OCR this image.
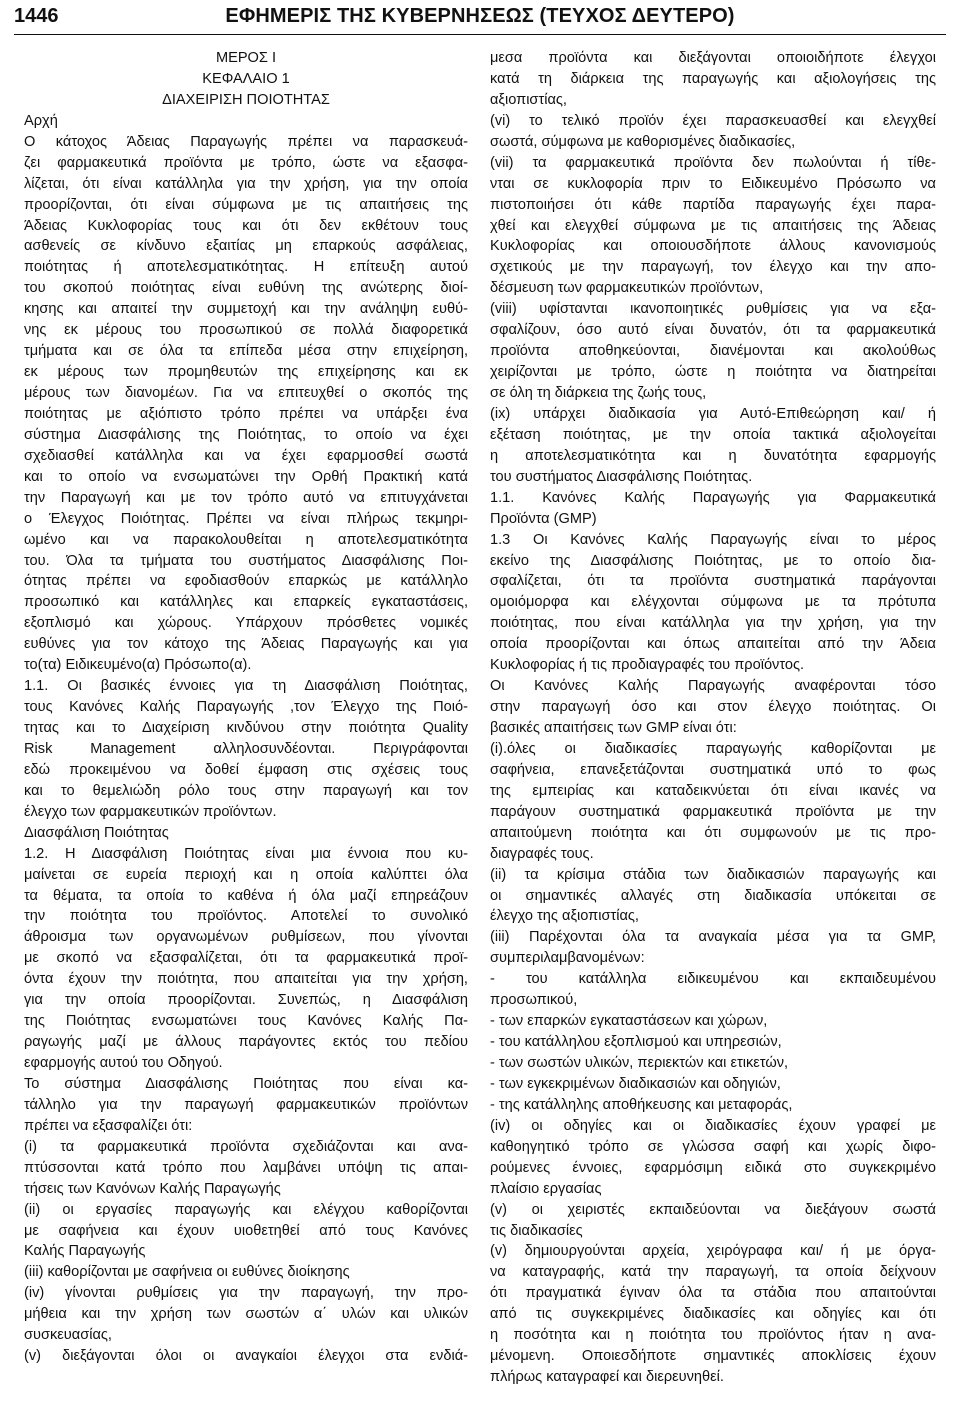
1446	ΕΦΗΜΕΡΙΣ ΤΗΣ ΚΥΒΕΡΝΗΣΕΩΣ (ΤΕΥΧΟΣ ΔΕΥΤΕΡΟ)
ΜΕΡΟΣ Ι
ΚΕΦΑΛΑΙΟ 1
ΔΙΑΧΕΙΡΙΣΗ ΠΟΙΟΤΗΤΑΣ
Αρχή
Ο κάτοχος Άδειας Παραγωγής πρέπει να παρασκευά-
ζει φαρμακευτικά προϊόντα με τρόπο, ώστε να εξασφα-
λίζεται, ότι είναι κατάλληλα για την χρήση, για την οποία
προορίζονται, ότι είναι σύμφωνα με τις απαιτήσεις της
Άδειας Κυκλοφορίας τους και ότι δεν εκθέτουν τους
ασθενείς σε κίνδυνο εξαιτίας μη επαρκούς ασφάλειας,
ποιότητας ή αποτελεσματικότητας. Η επίτευξη αυτού
του σκοπού ποιότητας είναι ευθύνη της ανώτερης διοί-
κησης και απαιτεί την συμμετοχή και την ανάληψη ευθύ-
νης εκ μέρους του προσωπικού σε πολλά διαφορετικά
τμήματα και σε όλα τα επίπεδα μέσα στην επιχείρηση,
εκ μέρους των προμηθευτών της επιχείρησης και εκ
μέρους των διανομέων. Για να επιτευχθεί ο σκοπός της
ποιότητας με αξιόπιστο τρόπο πρέπει να υπάρξει ένα
σύστημα Διασφάλισης της Ποιότητας, το οποίο να έχει
σχεδιασθεί κατάλληλα και να έχει εφαρμοσθεί σωστά
και το οποίο να ενσωματώνει την Ορθή Πρακτική κατά
την Παραγωγή και με τον τρόπο αυτό να επιτυγχάνεται
ο Έλεγχος Ποιότητας. Πρέπει να είναι πλήρως τεκμηρι-
ωμένο και να παρακολουθείται η αποτελεσματικότητα
του. Όλα τα τμήματα του συστήματος Διασφάλισης Ποι-
ότητας πρέπει να εφοδιασθούν επαρκώς με κατάλληλο
προσωπικό και κατάλληλες και επαρκείς εγκαταστάσεις,
εξοπλισμό και χώρους. Υπάρχουν πρόσθετες νομικές
ευθύνες για τον κάτοχο της Άδειας Παραγωγής και για
το(τα) Ειδικευμένο(α) Πρόσωπο(α).
1.1. Οι βασικές έννοιες για τη Διασφάλιση Ποιότητας,
τους Κανόνες Καλής Παραγωγής ,τον Έλεγχο της Ποιό-
τητας και το Διαχείριση κινδύνου στην ποιότητα Quality
Risk Management αλληλοσυνδέονται. Περιγράφονται
εδώ προκειμένου να δοθεί έμφαση στις σχέσεις τους
και το θεμελιώδη ρόλο τους στην παραγωγή και τον
έλεγχο των φαρμακευτικών προϊόντων.
Διασφάλιση Ποιότητας
1.2. Η Διασφάλιση Ποιότητας είναι μια έννοια που κυ-
μαίνεται σε ευρεία περιοχή και η οποία καλύπτει όλα
τα θέματα, τα οποία το καθένα ή όλα μαζί επηρεάζουν
την ποιότητα του προϊόντος. Αποτελεί το συνολικό
άθροισμα των οργανωμένων ρυθμίσεων, που γίνονται
με σκοπό να εξασφαλίζεται, ότι τα φαρμακευτικά προϊ-
όντα έχουν την ποιότητα, που απαιτείται για την χρήση,
για την οποία προορίζονται. Συνεπώς, η Διασφάλιση
της Ποιότητας ενσωματώνει τους Κανόνες Καλής Πα-
ραγωγής μαζί με άλλους παράγοντες εκτός του πεδίου
εφαρμογής αυτού του Οδηγού.
Το σύστημα Διασφάλισης Ποιότητας που είναι κα-
τάλληλο για την παραγωγή φαρμακευτικών προϊόντων
πρέπει να εξασφαλίζει ότι:
(i) τα φαρμακευτικά προϊόντα σχεδιάζονται και ανα-
πτύσσονται κατά τρόπο που λαμβάνει υπόψη τις απαι-
τήσεις των Κανόνων Καλής Παραγωγής
(ii) οι εργασίες παραγωγής και ελέγχου καθορίζονται
με σαφήνεια και έχουν υιοθετηθεί από τους Κανόνες
Καλής Παραγωγής
(iii) καθορίζονται με σαφήνεια οι ευθύνες διοίκησης
(iv) γίνονται ρυθμίσεις για την παραγωγή, την προ-
μήθεια και την χρήση των σωστών α΄ υλών και υλικών
συσκευασίας,
(v) διεξάγονται όλοι οι αναγκαίοι έλεγχοι στα ενδιά-
μεσα προϊόντα και διεξάγονται οποιοιδήποτε έλεγχοι
κατά τη διάρκεια της παραγωγής και αξιολογήσεις της
αξιοπιστίας,
(vi) το τελικό προϊόν έχει παρασκευασθεί και ελεγχθεί
σωστά, σύμφωνα με καθορισμένες διαδικασίες,
(vii) τα φαρμακευτικά προϊόντα δεν πωλούνται ή τίθε-
νται σε κυκλοφορία πριν το Ειδικευμένο Πρόσωπο να
πιστοποιήσει ότι κάθε παρτίδα παραγωγής έχει παρα-
χθεί και ελεγχθεί σύμφωνα με τις απαιτήσεις της Άδειας
Κυκλοφορίας και οποιουσδήποτε άλλους κανονισμούς
σχετικούς με την παραγωγή, τον έλεγχο και την απο-
δέσμευση των φαρμακευτικών προϊόντων,
(viii) υφίστανται ικανοποιητικές ρυθμίσεις για να εξα-
σφαλίζουν, όσο αυτό είναι δυνατόν, ότι τα φαρμακευτικά
προϊόντα αποθηκεύονται, διανέμονται και ακολούθως
χειρίζονται με τρόπο, ώστε η ποιότητα να διατηρείται
σε όλη τη διάρκεια της ζωής τους,
(ix) υπάρχει διαδικασία για Αυτό-Επιθεώρηση και/ ή
εξέταση ποιότητας, με την οποία τακτικά αξιολογείται
η αποτελεσματικότητα και η δυνατότητα εφαρμογής
του συστήματος Διασφάλισης Ποιότητας.
1.1. Κανόνες Καλής Παραγωγής για Φαρμακευτικά
Προϊόντα (GMP)
1.3 Οι Κανόνες Καλής Παραγωγής είναι το μέρος
εκείνο της Διασφάλισης Ποιότητας, με το οποίο δια-
σφαλίζεται, ότι τα προϊόντα συστηματικά παράγονται
ομοιόμορφα και ελέγχονται σύμφωνα με τα πρότυπα
ποιότητας, που είναι κατάλληλα για την χρήση, για την
οποία προορίζονται και όπως απαιτείται από την Άδεια
Κυκλοφορίας ή τις προδιαγραφές του προϊόντος.
Οι Κανόνες Καλής Παραγωγής αναφέρονται τόσο
στην παραγωγή όσο και στον έλεγχο ποιότητας. Οι
βασικές απαιτήσεις των GMP είναι ότι:
(i).όλες οι διαδικασίες παραγωγής καθορίζονται με
σαφήνεια, επανεξετάζονται συστηματικά υπό το φως
της εμπειρίας και καταδεικνύεται ότι είναι ικανές να
παράγουν συστηματικά φαρμακευτικά προϊόντα με την
απαιτούμενη ποιότητα και ότι συμφωνούν με τις προ-
διαγραφές τους.
(ii) τα κρίσιμα στάδια των διαδικασιών παραγωγής και
οι σημαντικές αλλαγές στη διαδικασία υπόκειται σε
έλεγχο της αξιοπιστίας,
(iii) Παρέχονται όλα τα αναγκαία μέσα για τα GMP,
συμπεριλαμβανομένων:
- του κατάλληλα ειδικευμένου και εκπαιδευμένου
προσωπικού,
- των επαρκών εγκαταστάσεων και χώρων,
- του κατάλληλου εξοπλισμού και υπηρεσιών,
- των σωστών υλικών, περιεκτών και ετικετών,
- των εγκεκριμένων διαδικασιών και οδηγιών,
- της κατάλληλης αποθήκευσης και μεταφοράς,
(iv) οι οδηγίες και οι διαδικασίες έχουν γραφεί με
καθοηγητικό τρόπο σε γλώσσα σαφή και χωρίς διφο-
ρούμενες έννοιες, εφαρμόσιμη ειδικά στο συγκεκριμένο
πλαίσιο εργασίας
(v) οι χειριστές εκπαιδεύονται να διεξάγουν σωστά
τις διαδικασίες
(v) δημιουργούνται αρχεία, χειρόγραφα και/ ή με όργα-
να καταγραφής, κατά την παραγωγή, τα οποία δείχνουν
ότι πραγματικά έγιναν όλα τα στάδια που απαιτούνται
από τις συγκεκριμένες διαδικασίες και οδηγίες και ότι
η ποσότητα και η ποιότητα του προϊόντος ήταν η ανα-
μένομενη. Οποιεσδήποτε σημαντικές αποκλίσεις έχουν
πλήρως καταγραφεί και διερευνηθεί.
